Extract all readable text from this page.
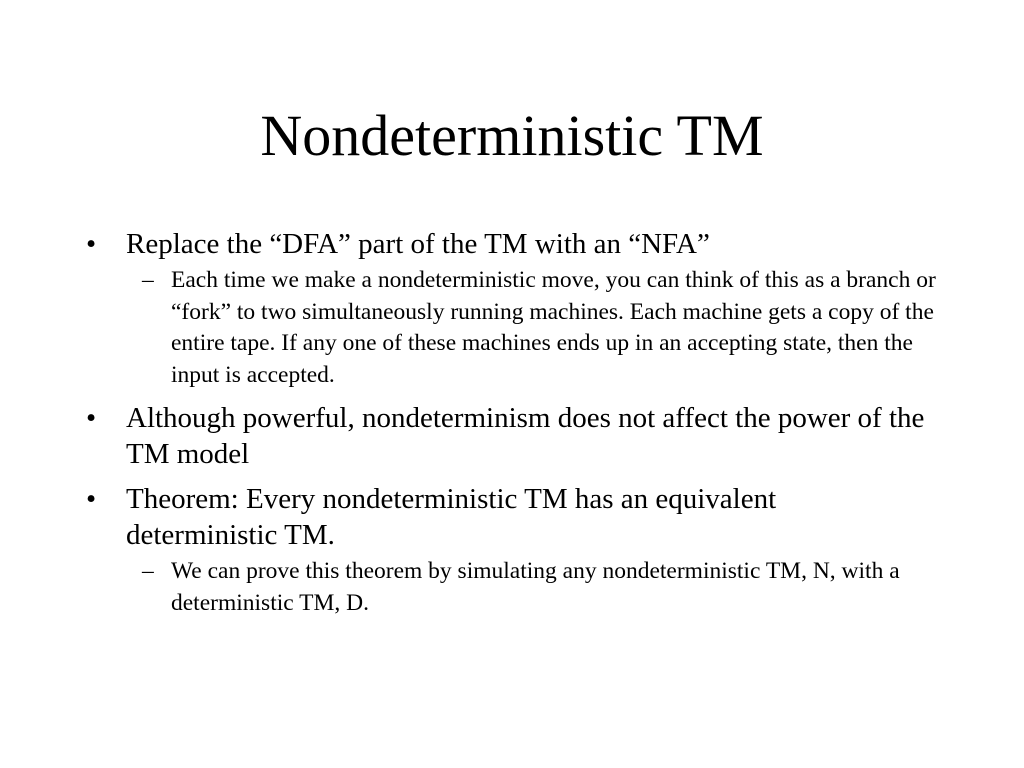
Nondeterministic TM
• Replace the “DFA” part of the TM with an “NFA”
– Each time we make a nondeterministic move, you can think of this as a branch or “fork” to two simultaneously running machines. Each machine gets a copy of the entire tape. If any one of these machines ends up in an accepting state, then the input is accepted.
• Although powerful, nondeterminism does not affect the power of the TM model
• Theorem: Every nondeterministic TM has an equivalent deterministic TM.
– We can prove this theorem by simulating any nondeterministic TM, N, with a deterministic TM, D.
